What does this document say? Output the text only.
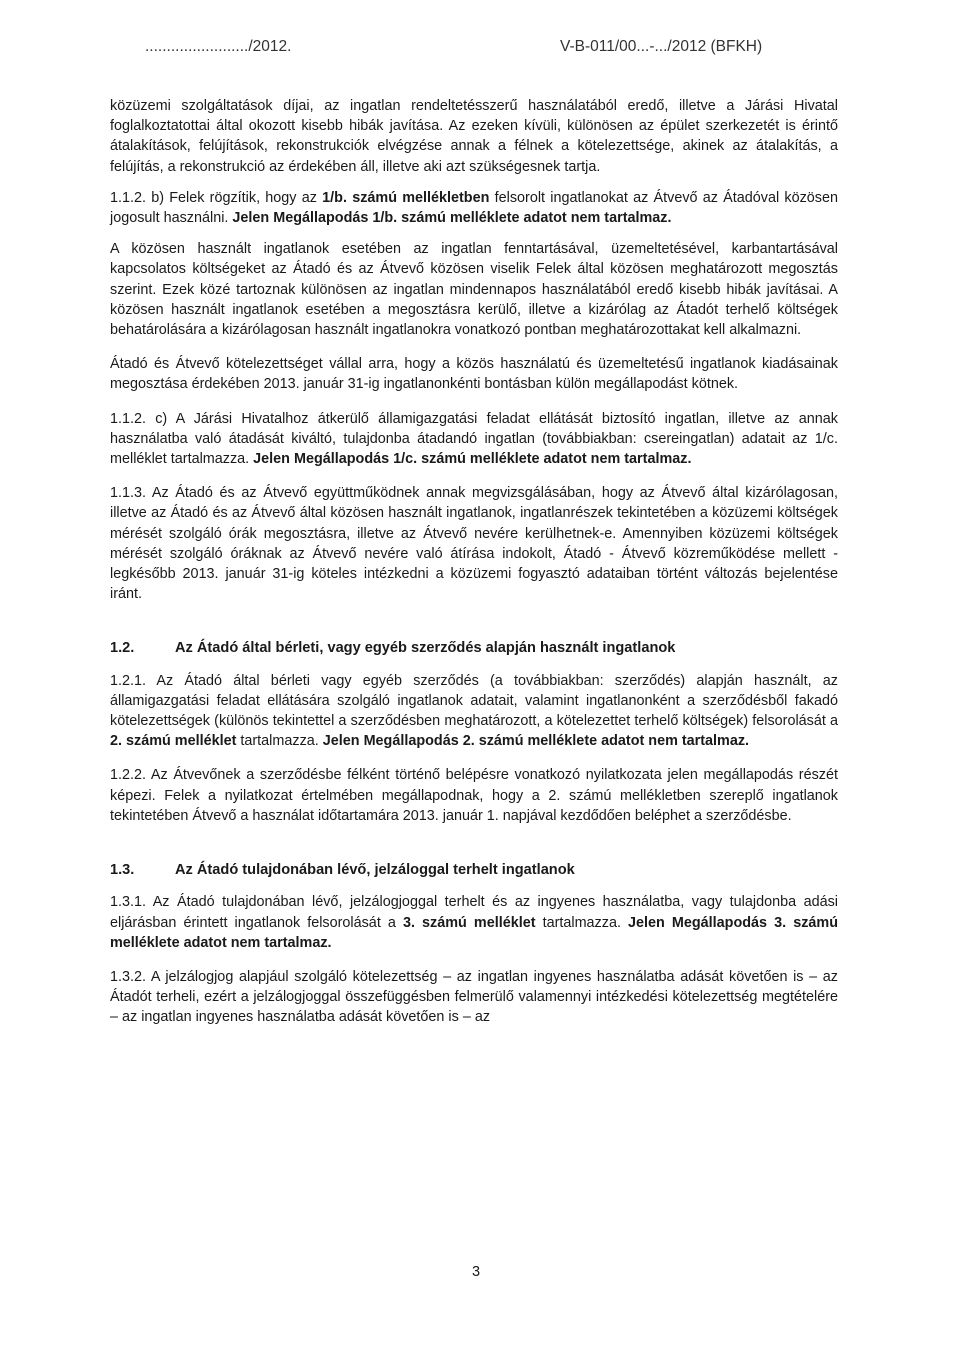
......................../2012.	V-B-011/00...-.../2012 (BFKH)

közüzemi szolgáltatások díjai, az ingatlan rendeltetésszerű használatából eredő, illetve a Járási Hivatal foglalkoztatottai által okozott kisebb hibák javítása. Az ezeken kívüli, különösen az épület szerkezetét is érintő átalakítások, felújítások, rekonstrukciók elvégzése annak a félnek a kötelezettsége, akinek az átalakítás, a felújítás, a rekonstrukció az érdekében áll, illetve aki azt szükségesnek tartja.

1.1.2. b) Felek rögzítik, hogy az 1/b. számú mellékletben felsorolt ingatlanokat az Átvevő az Átadóval közösen jogosult használni. Jelen Megállapodás 1/b. számú melléklete adatot nem tartalmaz.

A közösen használt ingatlanok esetében az ingatlan fenntartásával, üzemeltetésével, karbantartásával kapcsolatos költségeket az Átadó és az Átvevő közösen viselik Felek által közösen meghatározott megosztás szerint. Ezek közé tartoznak különösen az ingatlan mindennapos használatából eredő kisebb hibák javításai. A közösen használt ingatlanok esetében a megosztásra kerülő, illetve a kizárólag az Átadót terhelő költségek behatárolására a kizárólagosan használt ingatlanokra vonatkozó pontban meghatározottakat kell alkalmazni.

Átadó és Átvevő kötelezettséget vállal arra, hogy a közös használatú és üzemeltetésű ingatlanok kiadásainak megosztása érdekében 2013. január 31-ig ingatlanonkénti bontásban külön megállapodást kötnek.

1.1.2. c) A Járási Hivatalhoz átkerülő államigazgatási feladat ellátását biztosító ingatlan, illetve az annak használatba való átadását kiváltó, tulajdonba átadandó ingatlan (továbbiakban: csereingatlan) adatait az 1/c. melléklet tartalmazza. Jelen Megállapodás 1/c. számú melléklete adatot nem tartalmaz.

1.1.3. Az Átadó és az Átvevő együttműködnek annak megvizsgálásában, hogy az Átvevő által kizárólagosan, illetve az Átadó és az Átvevő által közösen használt ingatlanok, ingatlanrészek tekintetében a közüzemi költségek mérését szolgáló órák megosztásra, illetve az Átvevő nevére kerülhetnek-e. Amennyiben közüzemi költségek mérését szolgáló óráknak az Átvevő nevére való átírása indokolt, Átadó - Átvevő közreműködése mellett - legkésőbb 2013. január 31-ig köteles intézkedni a közüzemi fogyasztó adataiban történt változás bejelentése iránt.

1.2.	Az Átadó által bérleti, vagy egyéb szerződés alapján használt ingatlanok

1.2.1. Az Átadó által bérleti vagy egyéb szerződés (a továbbiakban: szerződés) alapján használt, az államigazgatási feladat ellátására szolgáló ingatlanok adatait, valamint ingatlanonként a szerződésből fakadó kötelezettségek (különös tekintettel a szerződésben meghatározott, a kötelezettet terhelő költségek) felsorolását a 2. számú melléklet tartalmazza. Jelen Megállapodás 2. számú melléklete adatot nem tartalmaz.

1.2.2. Az Átvevőnek a szerződésbe félként történő belépésre vonatkozó nyilatkozata jelen megállapodás részét képezi. Felek a nyilatkozat értelmében megállapodnak, hogy a 2. számú mellékletben szereplő ingatlanok tekintetében Átvevő a használat időtartamára 2013. január 1. napjával kezdődően beléphet a szerződésbe.

1.3.	Az Átadó tulajdonában lévő, jelzáloggal terhelt ingatlanok

1.3.1. Az Átadó tulajdonában lévő, jelzálogjoggal terhelt és az ingyenes használatba, vagy tulajdonba adási eljárásban érintett ingatlanok felsorolását a 3. számú melléklet tartalmazza. Jelen Megállapodás 3. számú melléklete adatot nem tartalmaz.

1.3.2. A jelzálogjog alapjául szolgáló kötelezettség – az ingatlan ingyenes használatba adását követően is – az Átadót terheli, ezért a jelzálogjoggal összefüggésben felmerülő valamennyi intézkedési kötelezettség megtételére – az ingatlan ingyenes használatba adását követően is – az

3
